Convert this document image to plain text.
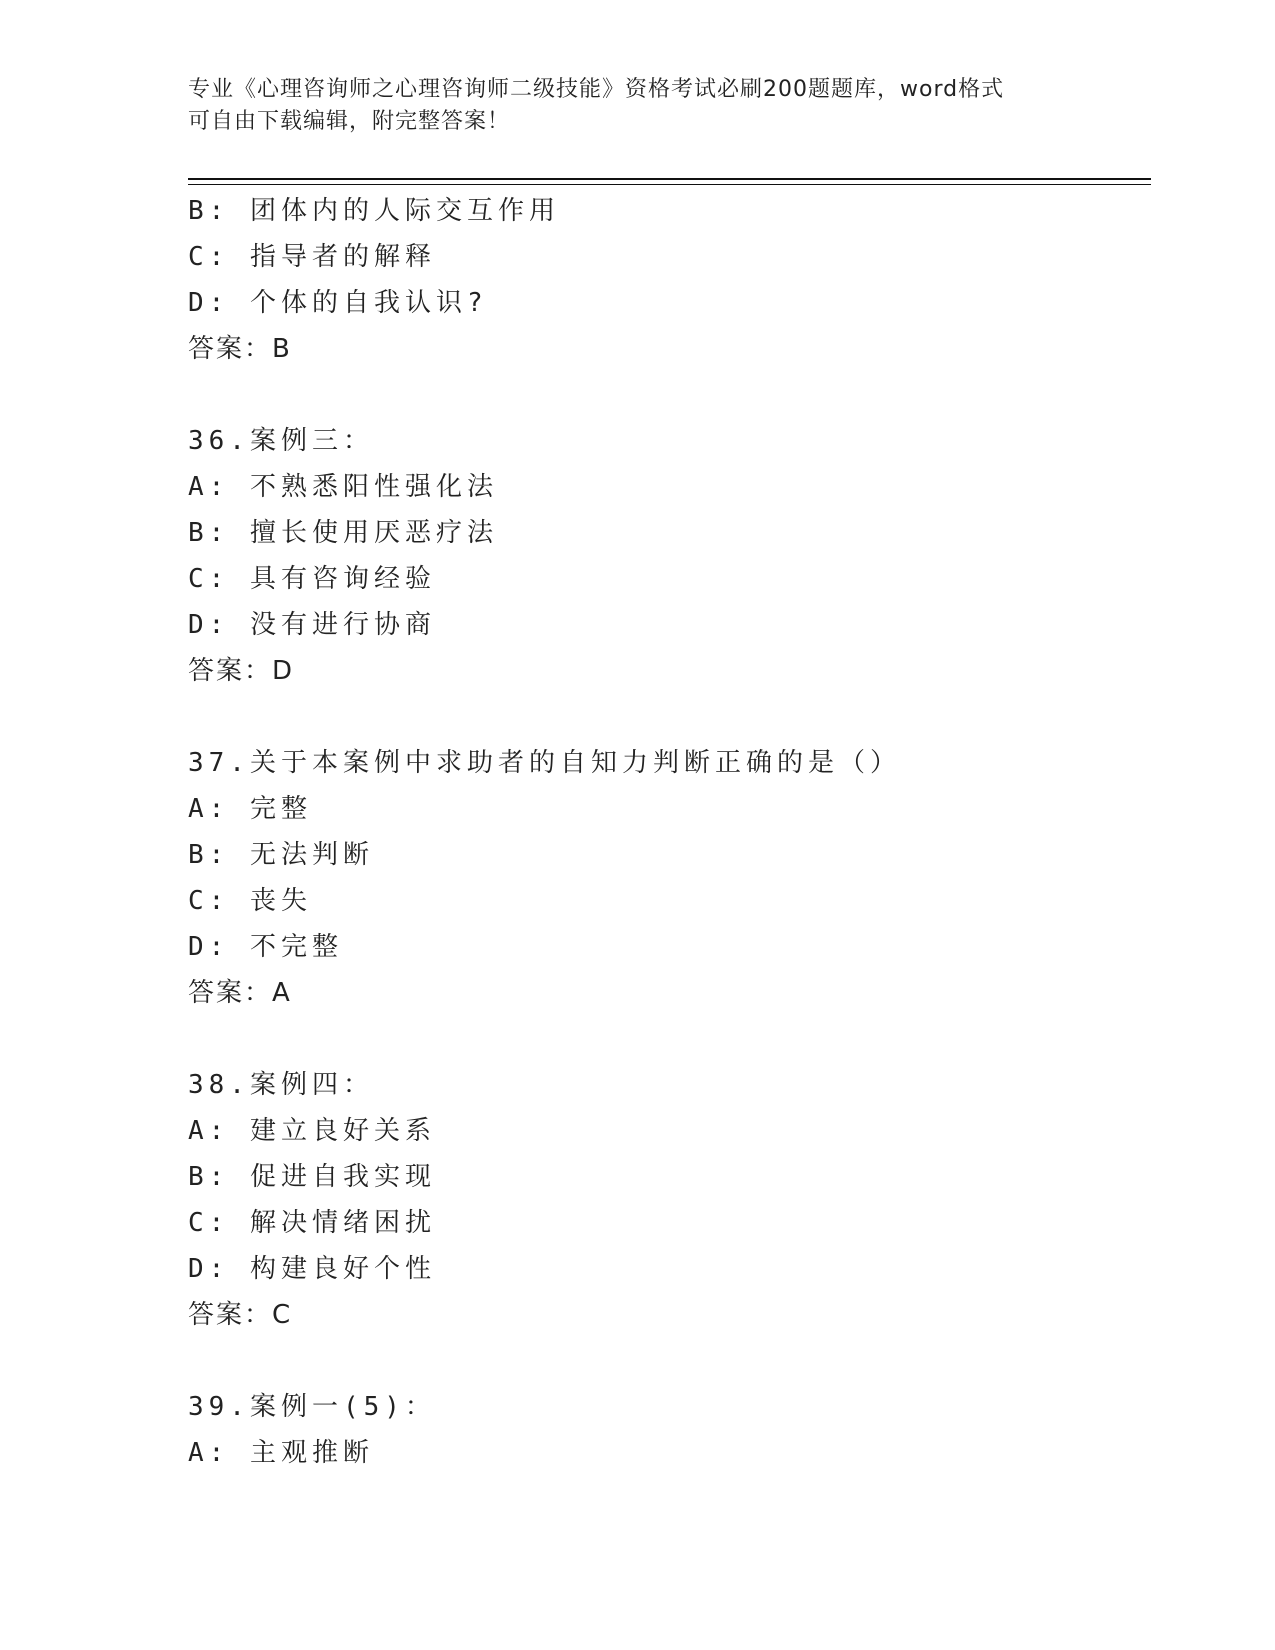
专业《心理咨询师之心理咨询师二级技能》资格考试必刷200题题库，word格式
可自由下载编辑，附完整答案！
B: 团体内的人际交互作用
C: 指导者的解释
D: 个体的自我认识?
答案：B
36.案例三：
A: 不熟悉阳性强化法
B: 擅长使用厌恶疗法
C: 具有咨询经验
D: 没有进行协商
答案：D
37.关于本案例中求助者的自知力判断正确的是（）
A: 完整
B: 无法判断
C: 丧失
D: 不完整
答案：A
38.案例四：
A: 建立良好关系
B: 促进自我实现
C: 解决情绪困扰
D: 构建良好个性
答案：C
39.案例一(5)：
A: 主观推断
